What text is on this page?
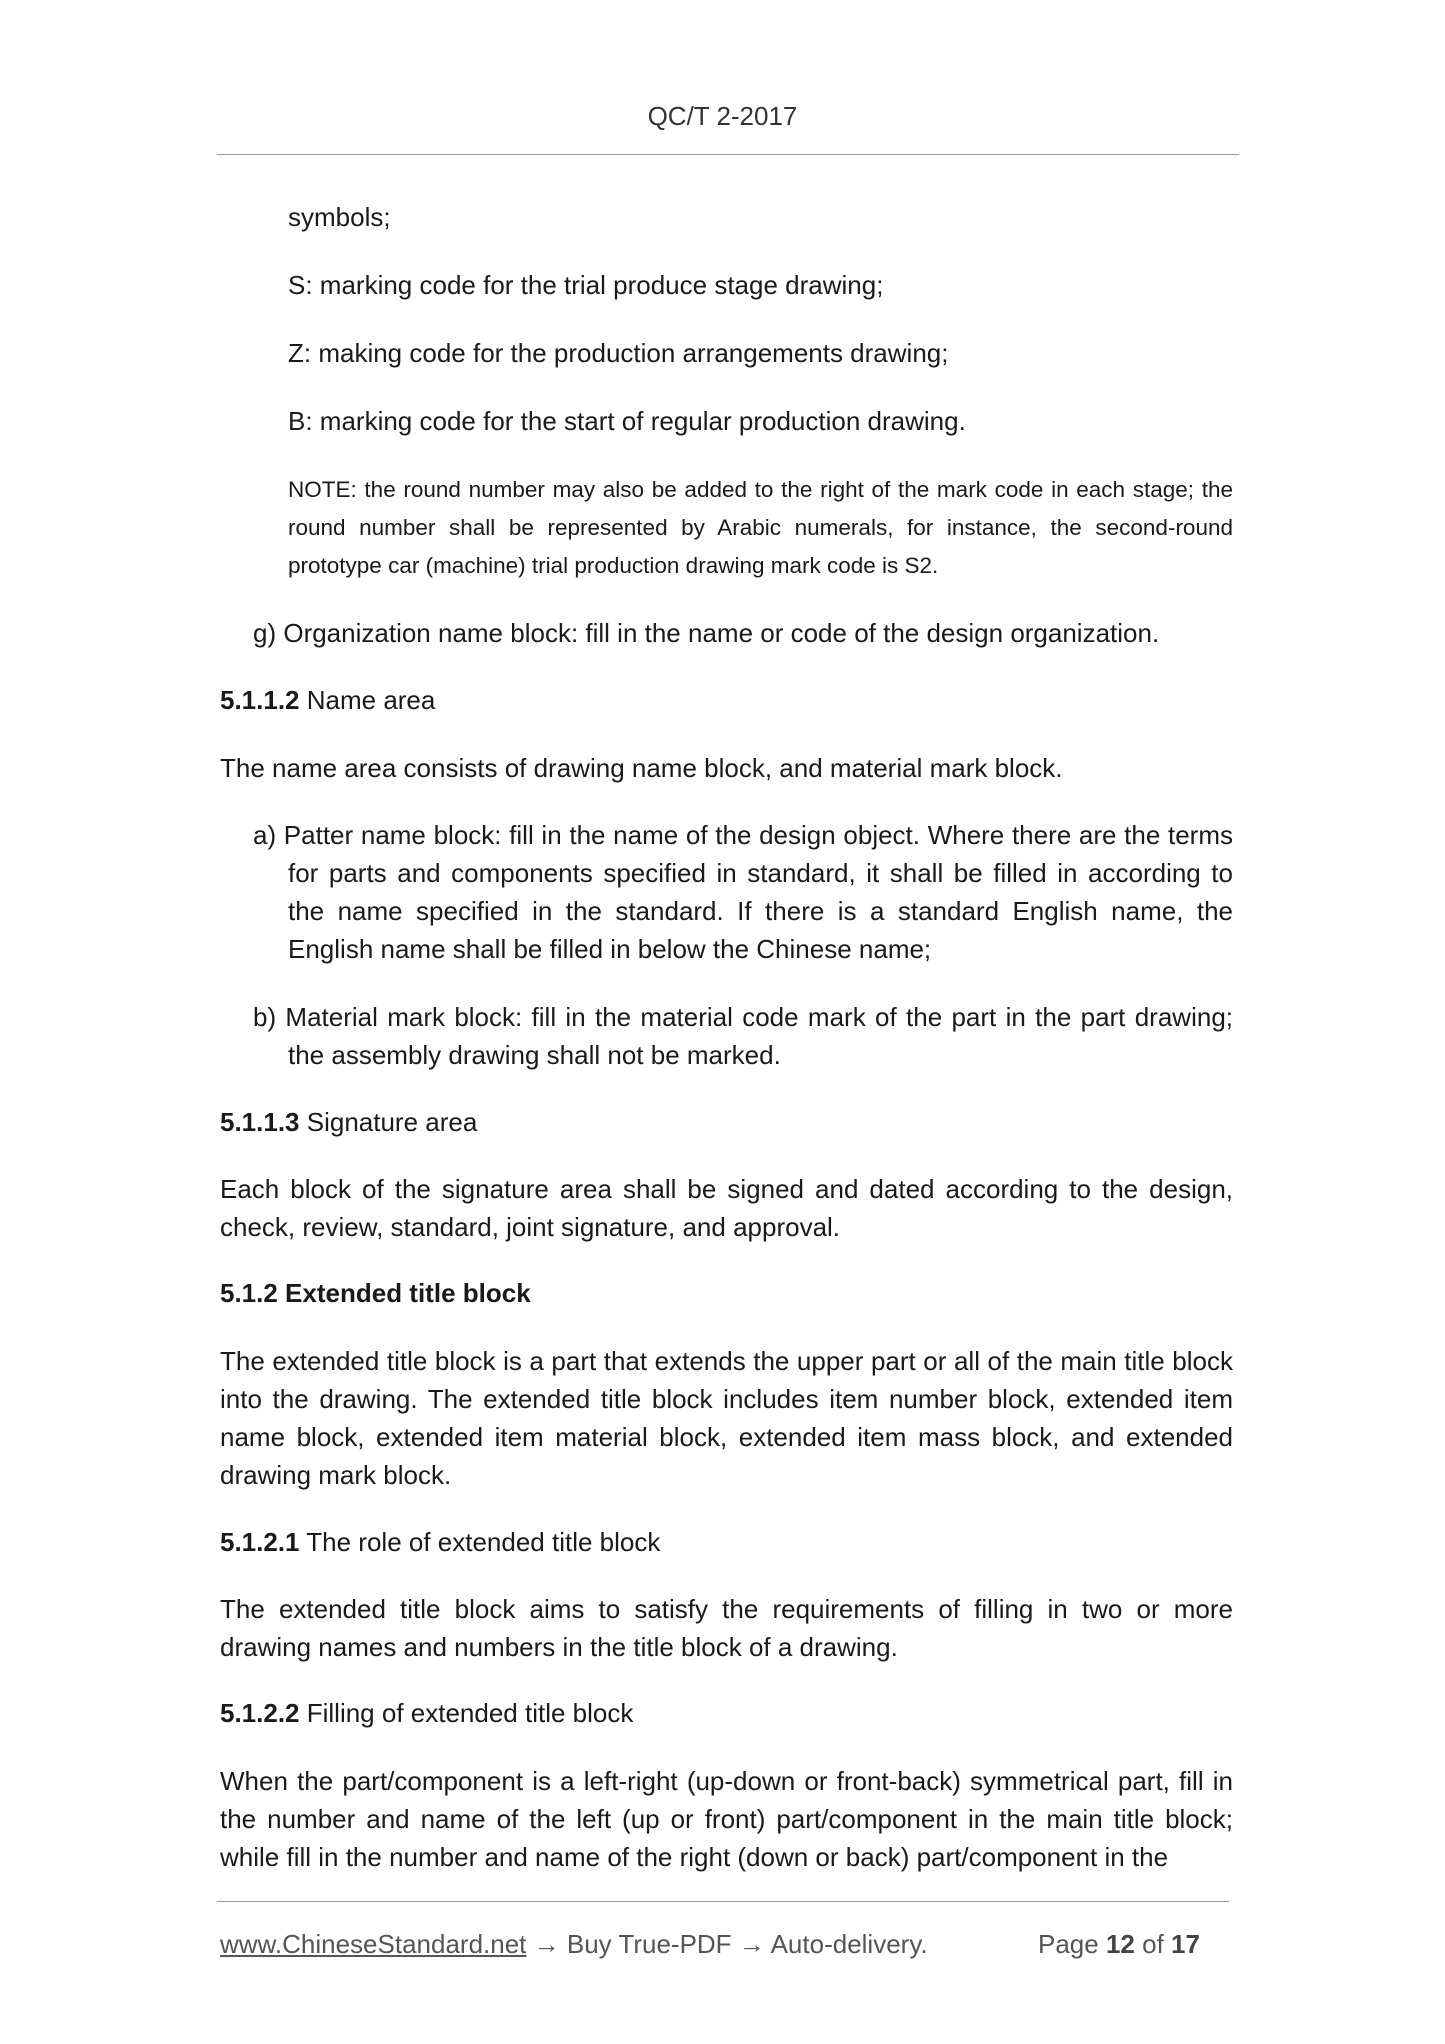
QC/T 2-2017
symbols;
S: marking code for the trial produce stage drawing;
Z: making code for the production arrangements drawing;
B: marking code for the start of regular production drawing.
NOTE: the round number may also be added to the right of the mark code in each stage; the round number shall be represented by Arabic numerals, for instance, the second-round prototype car (machine) trial production drawing mark code is S2.
g) Organization name block: fill in the name or code of the design organization.
5.1.1.2 Name area
The name area consists of drawing name block, and material mark block.
a) Patter name block: fill in the name of the design object. Where there are the terms for parts and components specified in standard, it shall be filled in according to the name specified in the standard. If there is a standard English name, the English name shall be filled in below the Chinese name;
b) Material mark block: fill in the material code mark of the part in the part drawing; the assembly drawing shall not be marked.
5.1.1.3 Signature area
Each block of the signature area shall be signed and dated according to the design, check, review, standard, joint signature, and approval.
5.1.2 Extended title block
The extended title block is a part that extends the upper part or all of the main title block into the drawing. The extended title block includes item number block, extended item name block, extended item material block, extended item mass block, and extended drawing mark block.
5.1.2.1 The role of extended title block
The extended title block aims to satisfy the requirements of filling in two or more drawing names and numbers in the title block of a drawing.
5.1.2.2 Filling of extended title block
When the part/component is a left-right (up-down or front-back) symmetrical part, fill in the number and name of the left (up or front) part/component in the main title block; while fill in the number and name of the right (down or back) part/component in the
www.ChineseStandard.net → Buy True-PDF → Auto-delivery.	Page 12 of 17
